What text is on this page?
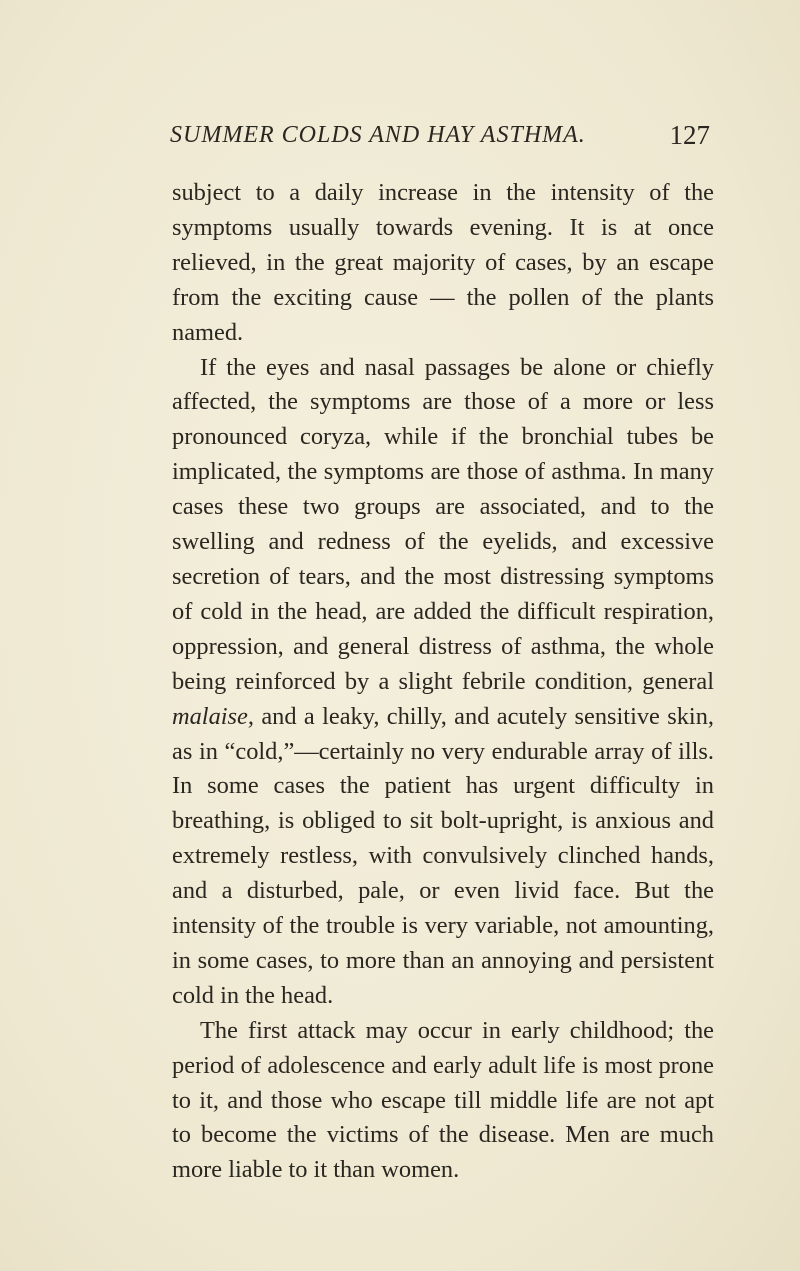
SUMMER COLDS AND HAY ASTHMA.	127

subject to a daily increase in the intensity of the symptoms usually towards evening. It is at once relieved, in the great majority of cases, by an escape from the exciting cause — the pollen of the plants named.

If the eyes and nasal passages be alone or chiefly affected, the symptoms are those of a more or less pronounced coryza, while if the bronchial tubes be implicated, the symptoms are those of asthma. In many cases these two groups are associated, and to the swelling and redness of the eyelids, and excessive secretion of tears, and the most distressing symptoms of cold in the head, are added the difficult respiration, oppression, and general distress of asthma, the whole being reinforced by a slight febrile condition, general malaise, and a leaky, chilly, and acutely sensitive skin, as in “cold,”—certainly no very endurable array of ills. In some cases the patient has urgent difficulty in breathing, is obliged to sit bolt-upright, is anxious and extremely restless, with convulsively clinched hands, and a disturbed, pale, or even livid face. But the intensity of the trouble is very variable, not amounting, in some cases, to more than an annoying and persistent cold in the head.

The first attack may occur in early childhood; the period of adolescence and early adult life is most prone to it, and those who escape till middle life are not apt to become the victims of the disease. Men are much more liable to it than women.
